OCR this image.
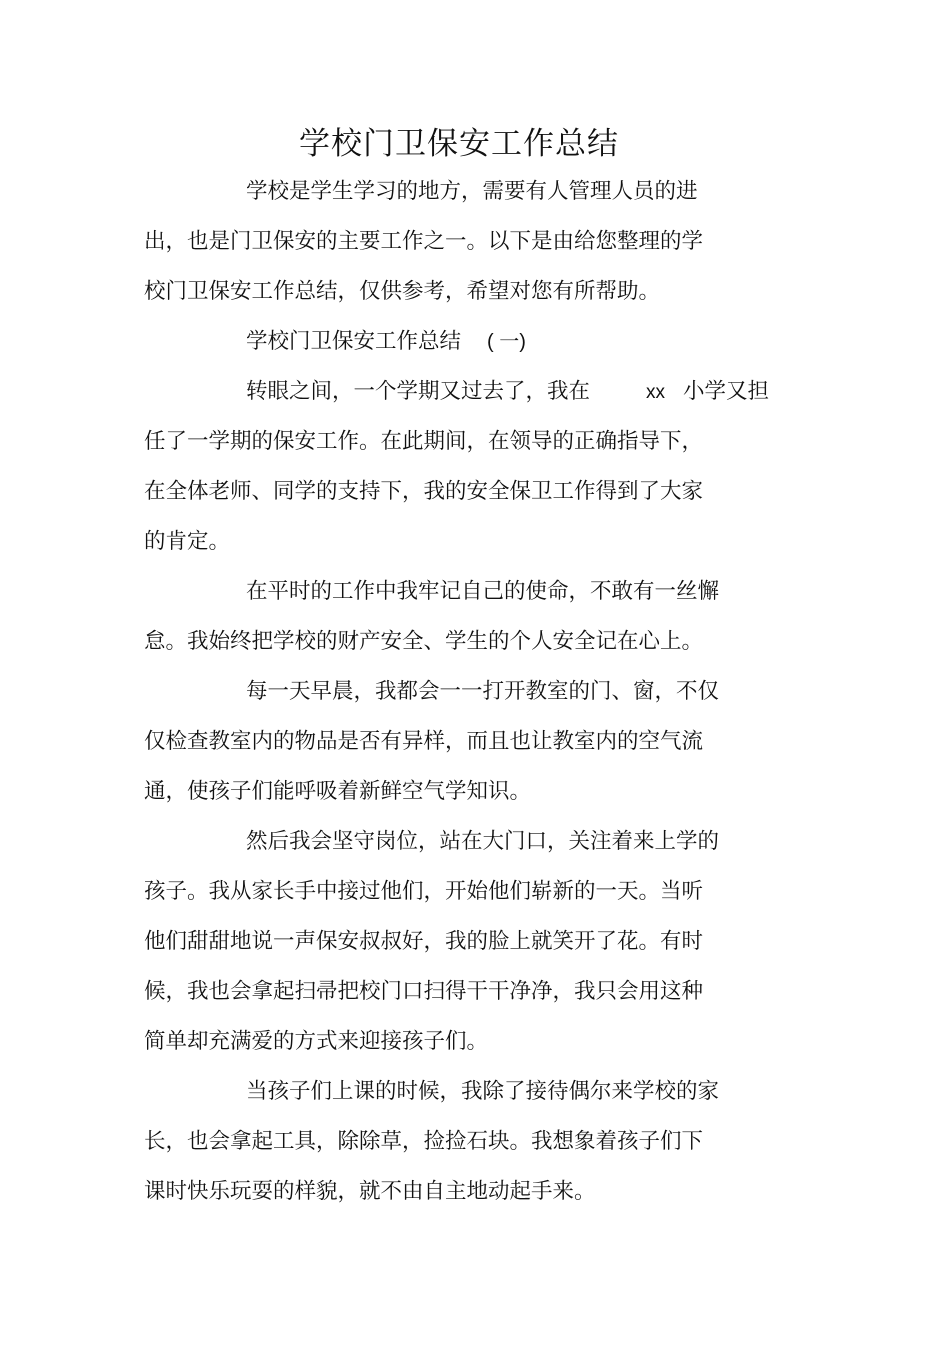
学校门卫保安工作总结
学校是学生学习的地方，需要有人管理人员的进
出，也是门卫保安的主要工作之一。以下是由给您整理的学
校门卫保安工作总结，仅供参考，希望对您有所帮助。
学校门卫保安工作总结 ( 一)
转眼之间，一个学期又过去了，我在	xx 小学又担
任了一学期的保安工作。在此期间，在领导的正确指导下，
在全体老师、同学的支持下，我的安全保卫工作得到了大家
的肯定。
在平时的工作中我牢记自己的使命，不敢有一丝懈
怠。我始终把学校的财产安全、学生的个人安全记在心上。
每一天早晨，我都会一一打开教室的门、窗，不仅
仅检查教室内的物品是否有异样，而且也让教室内的空气流
通，使孩子们能呼吸着新鲜空气学知识。
然后我会坚守岗位，站在大门口，关注着来上学的
孩子。我从家长手中接过他们，开始他们崭新的一天。当听
他们甜甜地说一声保安叔叔好，我的脸上就笑开了花。有时
候，我也会拿起扫帚把校门口扫得干干净净，我只会用这种
简单却充满爱的方式来迎接孩子们。
当孩子们上课的时候，我除了接待偶尔来学校的家
长，也会拿起工具，除除草，捡捡石块。我想象着孩子们下
课时快乐玩耍的样貌，就不由自主地动起手来。
